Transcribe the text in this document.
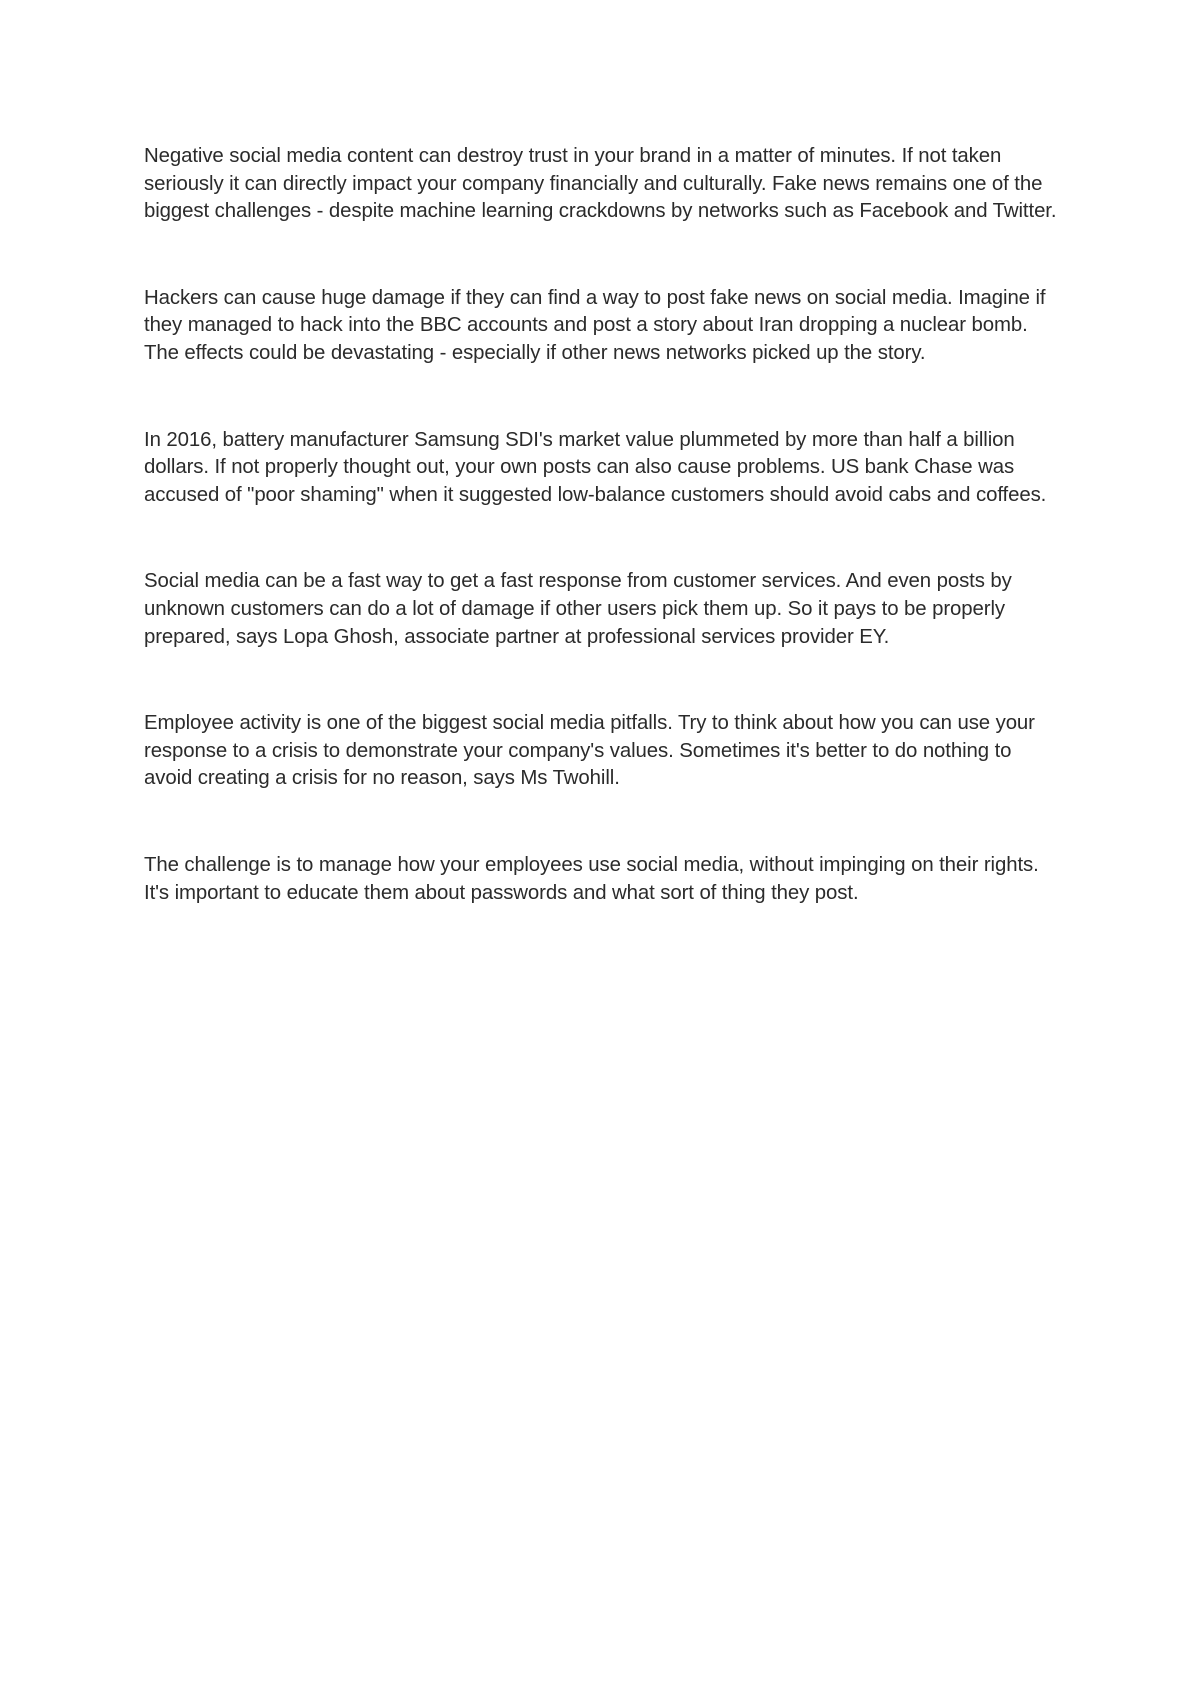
Negative social media content can destroy trust in your brand in a matter of minutes. If not taken seriously it can directly impact your company financially and culturally. Fake news remains one of the biggest challenges - despite machine learning crackdowns by networks such as Facebook and Twitter.

Hackers can cause huge damage if they can find a way to post fake news on social media. Imagine if they managed to hack into the BBC accounts and post a story about Iran dropping a nuclear bomb. The effects could be devastating - especially if other news networks picked up the story.

In 2016, battery manufacturer Samsung SDI's market value plummeted by more than half a billion dollars. If not properly thought out, your own posts can also cause problems. US bank Chase was accused of "poor shaming" when it suggested low-balance customers should avoid cabs and coffees.

Social media can be a fast way to get a fast response from customer services. And even posts by unknown customers can do a lot of damage if other users pick them up. So it pays to be properly prepared, says Lopa Ghosh, associate partner at professional services provider EY.

Employee activity is one of the biggest social media pitfalls. Try to think about how you can use your response to a crisis to demonstrate your company's values. Sometimes it's better to do nothing to avoid creating a crisis for no reason, says Ms Twohill.

The challenge is to manage how your employees use social media, without impinging on their rights. It's important to educate them about passwords and what sort of thing they post.
